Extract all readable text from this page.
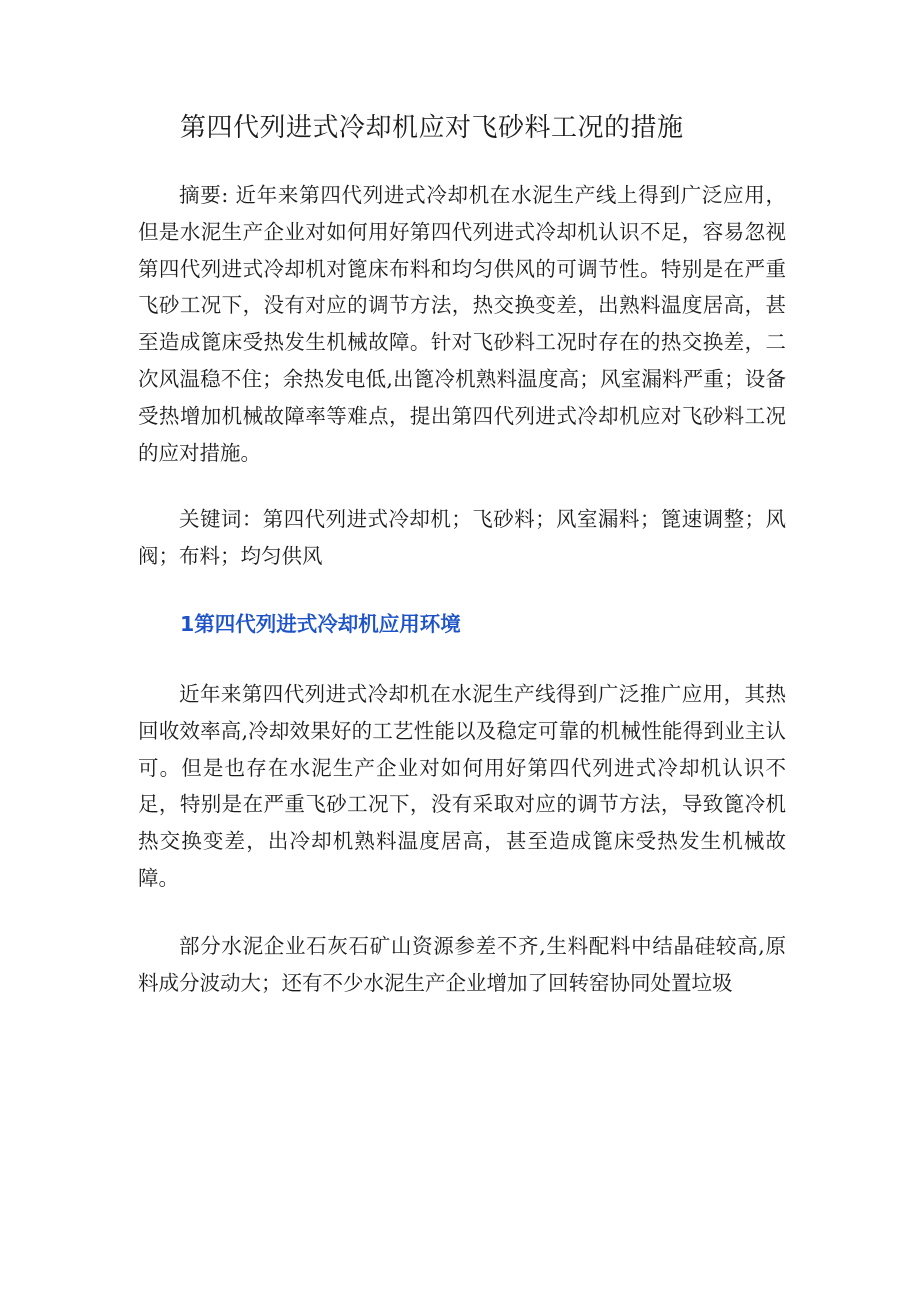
第四代列进式冷却机应对飞砂料工况的措施

摘要: 近年来第四代列进式冷却机在水泥生产线上得到广泛应用，但是水泥生产企业对如何用好第四代列进式冷却机认识不足，容易忽视第四代列进式冷却机对篦床布料和均匀供风的可调节性。特别是在严重飞砂工况下，没有对应的调节方法，热交换变差，出熟料温度居高，甚至造成篦床受热发生机械故障。针对飞砂料工况时存在的热交换差，二次风温稳不住；余热发电低,出篦冷机熟料温度高；风室漏料严重；设备受热增加机械故障率等难点，提出第四代列进式冷却机应对飞砂料工况的应对措施。

关键词：第四代列进式冷却机；飞砂料；风室漏料；篦速调整；风阀；布料；均匀供风

1第四代列进式冷却机应用环境

近年来第四代列进式冷却机在水泥生产线得到广泛推广应用，其热回收效率高,冷却效果好的工艺性能以及稳定可靠的机械性能得到业主认可。但是也存在水泥生产企业对如何用好第四代列进式冷却机认识不足，特别是在严重飞砂工况下，没有采取对应的调节方法，导致篦冷机热交换变差，出冷却机熟料温度居高，甚至造成篦床受热发生机械故障。

部分水泥企业石灰石矿山资源参差不齐,生料配料中结晶硅较高,原料成分波动大；还有不少水泥生产企业增加了回转窑协同处置垃圾
